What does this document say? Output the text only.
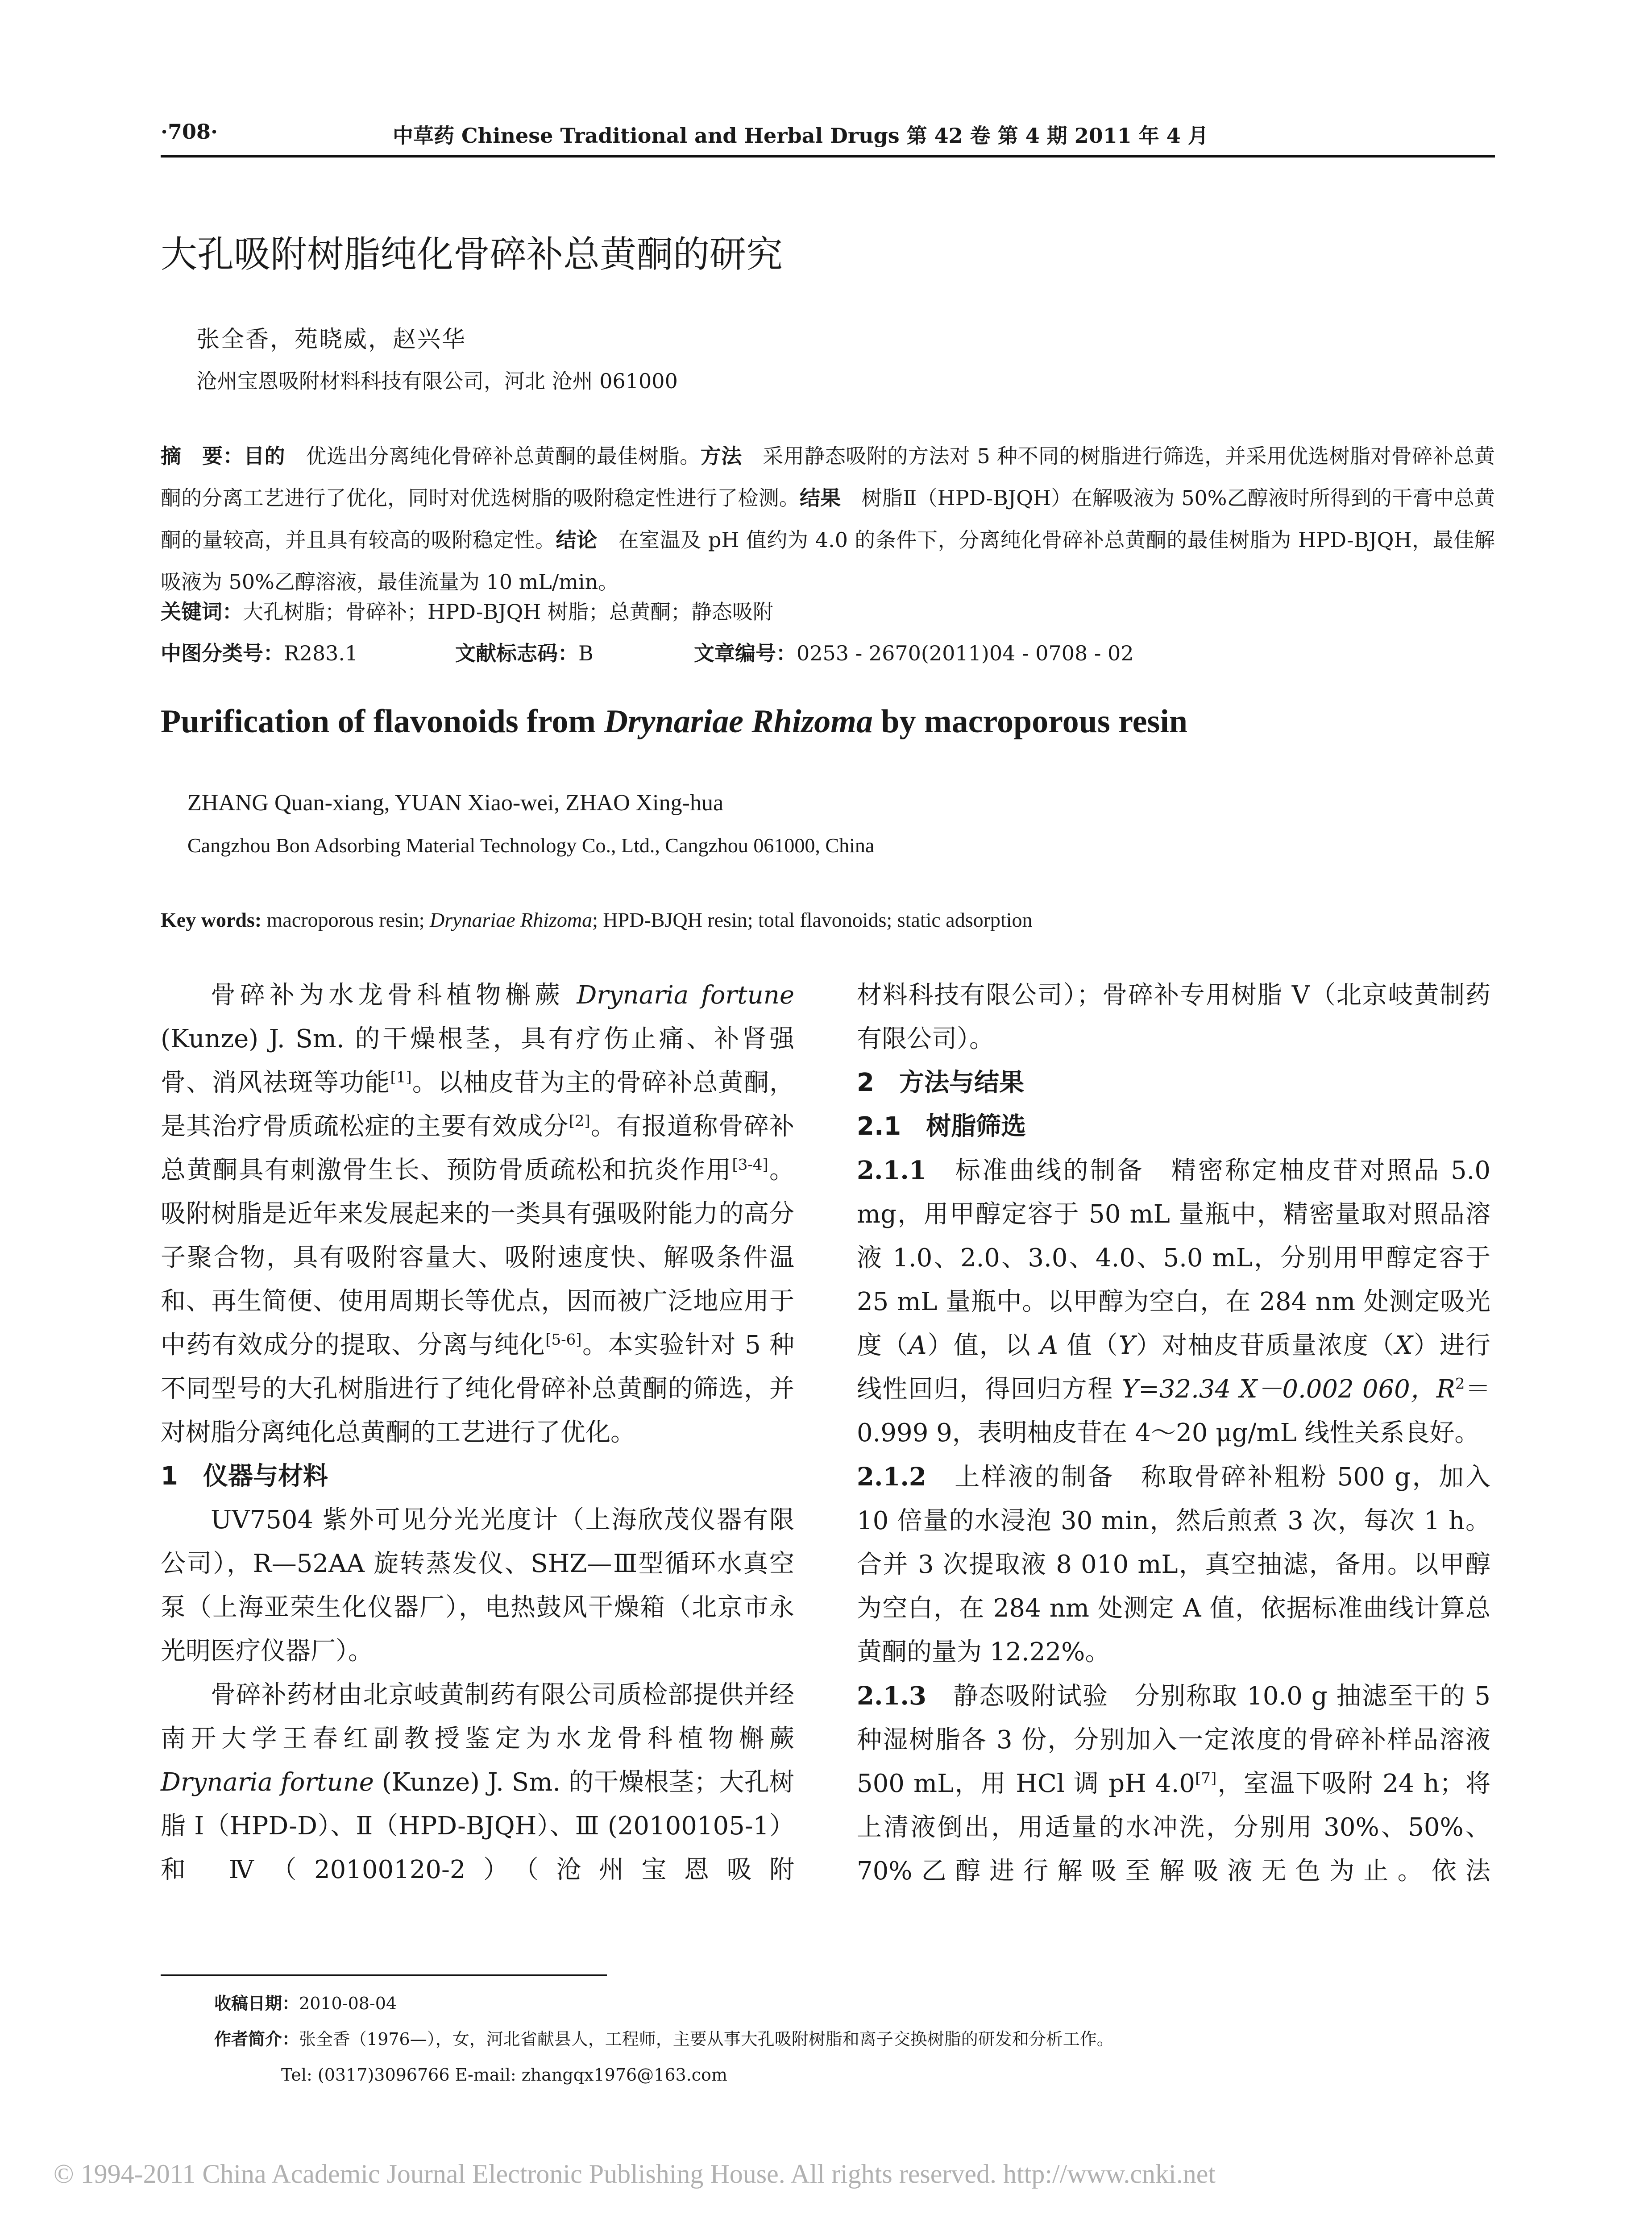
·708·	中草药 Chinese Traditional and Herbal Drugs 第 42 卷 第 4 期 2011 年 4 月
大孔吸附树脂纯化骨碎补总黄酮的研究
张全香，苑晓威，赵兴华
沧州宝恩吸附材料科技有限公司，河北 沧州 061000
摘　要：目的　优选出分离纯化骨碎补总黄酮的最佳树脂。方法　采用静态吸附的方法对 5 种不同的树脂进行筛选，并采用优选树脂对骨碎补总黄酮的分离工艺进行了优化，同时对优选树脂的吸附稳定性进行了检测。结果　树脂Ⅱ（HPD-BJQH）在解吸液为 50%乙醇液时所得到的干膏中总黄酮的量较高，并且具有较高的吸附稳定性。结论　在室温及 pH 值约为 4.0 的条件下，分离纯化骨碎补总黄酮的最佳树脂为 HPD-BJQH，最佳解吸液为 50%乙醇溶液，最佳流量为 10 mL/min。
关键词：大孔树脂；骨碎补；HPD-BJQH 树脂；总黄酮；静态吸附
中图分类号：R283.1	文献标志码：B	文章编号：0253 - 2670(2011)04 - 0708 - 02
Purification of flavonoids from Drynariae Rhizoma by macroporous resin
ZHANG Quan-xiang, YUAN Xiao-wei, ZHAO Xing-hua
Cangzhou Bon Adsorbing Material Technology Co., Ltd., Cangzhou 061000, China
Key words: macroporous resin; Drynariae Rhizoma; HPD-BJQH resin; total flavonoids; static adsorption

骨碎补为水龙骨科植物槲蕨 Drynaria fortune (Kunze) J. Sm. 的干燥根茎，具有疗伤止痛、补肾强骨、消风祛斑等功能[1]。以柚皮苷为主的骨碎补总黄酮，是其治疗骨质疏松症的主要有效成分[2]。有报道称骨碎补总黄酮具有刺激骨生长、预防骨质疏松和抗炎作用[3-4]。吸附树脂是近年来发展起来的一类具有强吸附能力的高分子聚合物，具有吸附容量大、吸附速度快、解吸条件温和、再生简便、使用周期长等优点，因而被广泛地应用于中药有效成分的提取、分离与纯化[5-6]。本实验针对 5 种不同型号的大孔树脂进行了纯化骨碎补总黄酮的筛选，并对树脂分离纯化总黄酮的工艺进行了优化。

1　仪器与材料

UV7504 紫外可见分光光度计（上海欣茂仪器有限公司），R—52AA 旋转蒸发仪、SHZ—Ⅲ型循环水真空泵（上海亚荣生化仪器厂），电热鼓风干燥箱（北京市永光明医疗仪器厂）。

骨碎补药材由北京岐黄制药有限公司质检部提供并经南开大学王春红副教授鉴定为水龙骨科植物槲蕨 Drynaria fortune (Kunze) J. Sm. 的干燥根茎；大孔树脂 Ⅰ（HPD-D）、Ⅱ（HPD-BJQH）、Ⅲ (20100105-1）和 Ⅳ（20100120-2）（沧州宝恩吸附

材料科技有限公司）；骨碎补专用树脂 Ⅴ（北京岐黄制药有限公司）。

2　方法与结果

2.1　树脂筛选

2.1.1　标准曲线的制备　精密称定柚皮苷对照品 5.0 mg，用甲醇定容于 50 mL 量瓶中，精密量取对照品溶液 1.0、2.0、3.0、4.0、5.0 mL，分别用甲醇定容于 25 mL 量瓶中。以甲醇为空白，在 284 nm 处测定吸光度（A）值，以 A 值（Y）对柚皮苷质量浓度（X）进行线性回归，得回归方程 Y=32.34 X－0.002 060，$R^2=0.999$ 9，表明柚皮苷在 4～20 μg/mL 线性关系良好。

2.1.2　上样液的制备　称取骨碎补粗粉 500 g，加入 10 倍量的水浸泡 30 min，然后煎煮 3 次，每次 1 h。合并 3 次提取液 8 010 mL，真空抽滤，备用。以甲醇为空白，在 284 nm 处测定 A 值，依据标准曲线计算总黄酮的量为 12.22%。

2.1.3　静态吸附试验　分别称取 10.0 g 抽滤至干的 5 种湿树脂各 3 份，分别加入一定浓度的骨碎补样品溶液 500 mL，用 HCl 调 pH 4.0[7]，室温下吸附 24 h；将上清液倒出，用适量的水冲洗，分别用 30%、50%、70%乙醇进行解吸至解吸液无色为止。依法

收稿日期：2010-08-04
作者简介：张全香（1976—），女，河北省献县人，工程师，主要从事大孔吸附树脂和离子交换树脂的研发和分析工作。
Tel: (0317)3096766 E-mail: zhangqx1976@163.com
© 1994-2011 China Academic Journal Electronic Publishing House. All rights reserved. http://www.cnki.net
